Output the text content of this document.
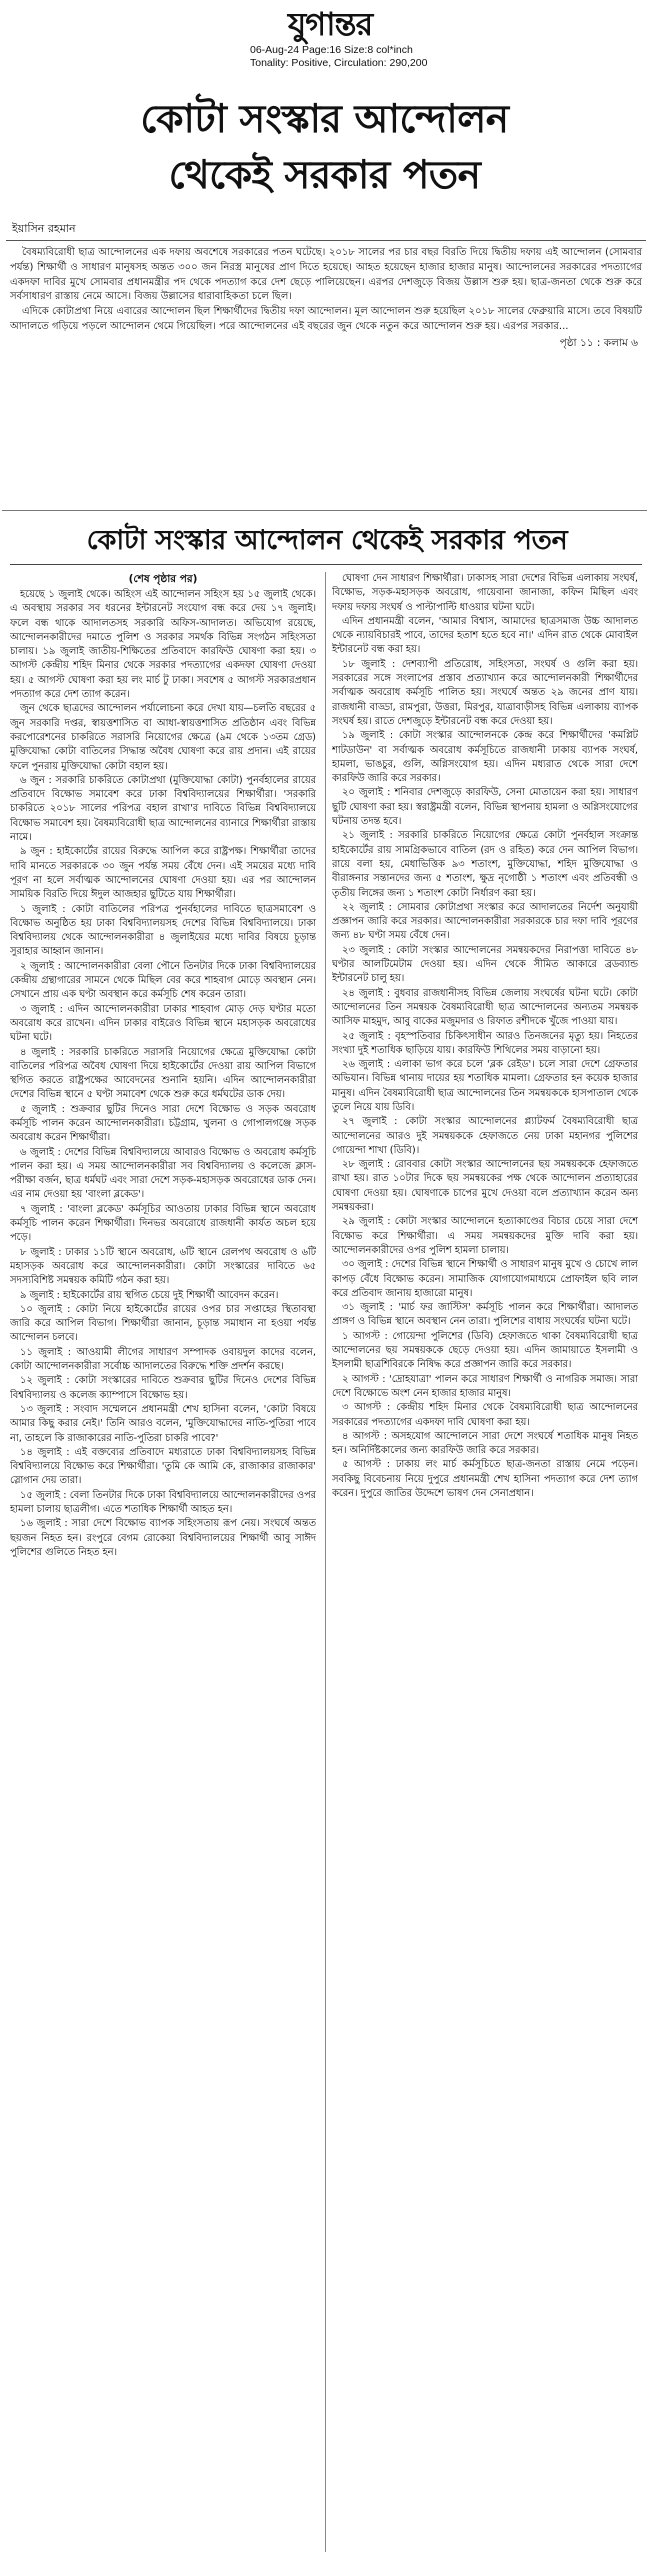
যুগান্তর
06-Aug-24 Page:16 Size:8 col*inch
Tonality: Positive, Circulation: 290,200
কোটা সংস্কার আন্দোলন
থেকেই সরকার পতন
ইয়াসিন রহমান

বৈষম্যবিরোধী ছাত্র আন্দোলনের এক দফায় অবশেষে সরকারের পতন ঘটেছে। ২০১৮ সালের পর চার বছর বিরতি দিয়ে দ্বিতীয় দফায় এই আন্দোলন (সোমবার পর্যন্ত) শিক্ষার্থী ও সাধারণ মানুষসহ অন্তত ৩০০ জন নিরস্ত্র মানুষের প্রাণ দিতে হয়েছে। আহত হয়েছেন হাজার হাজার মানুষ। আন্দোলনের সরকারের পদত্যাগের একদফা দাবির মুখে সোমবার প্রধানমন্ত্রীর পদ থেকে পদত্যাগ করে দেশ ছেড়ে পালিয়েছেন। এরপর দেশজুড়ে বিজয় উল্লাস শুরু হয়। ছাত্র-জনতা থেকে শুরু করে সর্বসাধারণ রাস্তায় নেমে আসে। বিজয় উল্লাসের ধারাবাহিকতা চলে ছিল।

এদিকে কোটাপ্রথা নিয়ে এবারের আন্দোলন ছিল শিক্ষার্থীদের দ্বিতীয় দফা আন্দোলন। মূল আন্দোলন শুরু হয়েছিল ২০১৮ সালের ফেব্রুয়ারি মাসে। তবে বিষয়টি আদালতে গড়িয়ে পড়লে আন্দোলন থেমে গিয়েছিল। পরে আন্দোলনের এই বছরের জুন থেকে নতুন করে আন্দোলন শুরু হয়। এরপর সরকার...

পৃষ্ঠা ১১ : কলাম ৬
কোটা সংস্কার আন্দোলন থেকেই সরকার পতন
(শেষ পৃষ্ঠার পর)

হয়েছে ১ জুলাই থেকে। অহিংস এই আন্দোলন সহিংস হয় ১৫ জুলাই থেকে। এ অবস্থায় সরকার সব ধরনের ইন্টারনেট সংযোগ বন্ধ করে দেয় ১৭ জুলাই। ফলে বন্ধ থাকে আদালতসহ সরকারি অফিস-আদালত। অভিযোগ রয়েছে, আন্দোলনকারীদের দমাতে পুলিশ ও সরকার সমর্থক বিভিন্ন সংগঠন সহিংসতা চালায়। ১৯ জুলাই জাতীয়-শিক্ষিতের প্রতিবাদে কারফিউ ঘোষণা করা হয়। ৩ আগস্ট কেন্দ্রীয় শহিদ মিনার থেকে সরকার পদত্যাগের একদফা ঘোষণা দেওয়া হয়। ৫ আগস্ট ঘোষণা করা হয় লং মার্চ টু ঢাকা। সবশেষ ৫ আগস্ট সরকারপ্রধান পদত্যাগ করে দেশ ত্যাগ করেন।

জুন থেকে ছাত্রদের আন্দোলন পর্যালোচনা করে দেখা যায়—চলতি বছরের ৫ জুন সরকারি দপ্তর, স্বায়ত্তশাসিত বা আধা-স্বায়ত্তশাসিত প্রতিষ্ঠান এবং বিভিন্ন করপোরেশনের চাকরিতে সরাসরি নিয়োগের ক্ষেত্রে (৯ম থেকে ১৩তম গ্রেড) মুক্তিযোদ্ধা কোটা বাতিলের সিদ্ধান্ত অবৈধ ঘোষণা করে রায় প্রদান। এই রায়ের ফলে পুনরায় মুক্তিযোদ্ধা কোটা বহাল হয়।

৬ জুন : সরকারি চাকরিতে কোটাপ্রথা (মুক্তিযোদ্ধা কোটা) পুনর্বহালের রায়ের প্রতিবাদে বিক্ষোভ সমাবেশ করে ঢাকা বিশ্ববিদ্যালয়ের শিক্ষার্থীরা। 'সরকারি চাকরিতে ২০১৮ সালের পরিপত্র বহাল রাখা'র দাবিতে বিভিন্ন বিশ্ববিদ্যালয়ে বিক্ষোভ সমাবেশ হয়। বৈষম্যবিরোধী ছাত্র আন্দোলনের ব্যানারে শিক্ষার্থীরা রাস্তায় নামে।

৯ জুন : হাইকোর্টের রায়ের বিরুদ্ধে আপিল করে রাষ্ট্রপক্ষ। শিক্ষার্থীরা তাদের দাবি মানতে সরকারকে ৩০ জুন পর্যন্ত সময় বেঁধে দেন। এই সময়ের মধ্যে দাবি পূরণ না হলে সর্বাত্মক আন্দোলনের ঘোষণা দেওয়া হয়। এর পর আন্দোলন সাময়িক বিরতি দিয়ে ঈদুল আজহার ছুটিতে যায় শিক্ষার্থীরা।

১ জুলাই : কোটা বাতিলের পরিপত্র পুনর্বহালের দাবিতে ছাত্রসমাবেশ ও বিক্ষোভ অনুষ্ঠিত হয় ঢাকা বিশ্ববিদ্যালয়সহ দেশের বিভিন্ন বিশ্ববিদ্যালয়ে। ঢাকা বিশ্ববিদ্যালয় থেকে আন্দোলনকারীরা ৪ জুলাইয়ের মধ্যে দাবির বিষয়ে চূড়ান্ত সুরাহার আহ্বান জানান।

২ জুলাই : আন্দোলনকারীরা বেলা পৌনে তিনটার দিকে ঢাকা বিশ্ববিদ্যালয়ের কেন্দ্রীয় গ্রন্থাগারের সামনে থেকে মিছিল বের করে শাহবাগ মোড়ে অবস্থান নেন। সেখানে প্রায় এক ঘণ্টা অবস্থান করে কর্মসূচি শেষ করেন তারা।

৩ জুলাই : এদিন আন্দোলনকারীরা ঢাকার শাহবাগ মোড় দেড় ঘণ্টার মতো অবরোধ করে রাখেন। এদিন ঢাকার বাইরেও বিভিন্ন স্থানে মহাসড়ক অবরোধের ঘটনা ঘটে।

৪ জুলাই : সরকারি চাকরিতে সরাসরি নিয়োগের ক্ষেত্রে মুক্তিযোদ্ধা কোটা বাতিলের পরিপত্র অবৈধ ঘোষণা দিয়ে হাইকোর্টের দেওয়া রায় আপিল বিভাগে স্থগিত করতে রাষ্ট্রপক্ষের আবেদনের শুনানি হয়নি। এদিন আন্দোলনকারীরা দেশের বিভিন্ন স্থানে ৫ ঘণ্টা সমাবেশ থেকে শুরু করে ধর্মঘটের ডাক দেয়।

৫ জুলাই : শুক্রবার ছুটির দিনেও সারা দেশে বিক্ষোভ ও সড়ক অবরোধ কর্মসূচি পালন করেন আন্দোলনকারীরা। চট্টগ্রাম, খুলনা ও গোপালগঞ্জে সড়ক অবরোধ করেন শিক্ষার্থীরা।

৬ জুলাই : দেশের বিভিন্ন বিশ্ববিদ্যালয়ে আবারও বিক্ষোভ ও অবরোধ কর্মসূচি পালন করা হয়। এ সময় আন্দোলনকারীরা সব বিশ্ববিদ্যালয় ও কলেজে ক্লাস-পরীক্ষা বর্জন, ছাত্র ধর্মঘট এবং সারা দেশে সড়ক-মহাসড়ক অবরোধের ডাক দেন। এর নাম দেওয়া হয় 'বাংলা ব্লকেড'।

৭ জুলাই : 'বাংলা ব্লকেড' কর্মসূচির আওতায় ঢাকার বিভিন্ন স্থানে অবরোধ কর্মসূচি পালন করেন শিক্ষার্থীরা। দিনভর অবরোধে রাজধানী কার্যত অচল হয়ে পড়ে।

৮ জুলাই : ঢাকার ১১টি স্থানে অবরোধ, ৬টি স্থানে রেলপথ অবরোধ ও ৬টি মহাসড়ক অবরোধ করে আন্দোলনকারীরা। কোটা সংস্কারের দাবিতে ৬৫ সদস্যবিশিষ্ট সমন্বয়ক কমিটি গঠন করা হয়।

৯ জুলাই : হাইকোর্টের রায় স্থগিত চেয়ে দুই শিক্ষার্থী আবেদন করেন।

১০ জুলাই : কোটা নিয়ে হাইকোর্টের রায়ের ওপর চার সপ্তাহের স্থিতাবস্থা জারি করে আপিল বিভাগ। শিক্ষার্থীরা জানান, চূড়ান্ত সমাধান না হওয়া পর্যন্ত আন্দোলন চলবে।

১১ জুলাই : আওয়ামী লীগের সাধারণ সম্পাদক ওবায়দুল কাদের বলেন, কোটা আন্দোলনকারীরা সর্বোচ্চ আদালতের বিরুদ্ধে শক্তি প্রদর্শন করছে।

১২ জুলাই : কোটা সংস্কারের দাবিতে শুক্রবার ছুটির দিনেও দেশের বিভিন্ন বিশ্ববিদ্যালয় ও কলেজ ক্যাম্পাসে বিক্ষোভ হয়।

১৩ জুলাই : সংবাদ সম্মেলনে প্রধানমন্ত্রী শেখ হাসিনা বলেন, 'কোটা বিষয়ে আমার কিছু করার নেই।' তিনি আরও বলেন, 'মুক্তিযোদ্ধাদের নাতি-পুতিরা পাবে না, তাহলে কি রাজাকারের নাতি-পুতিরা চাকরি পাবে?'

১৪ জুলাই : এই বক্তব্যের প্রতিবাদে মধ্যরাতে ঢাকা বিশ্ববিদ্যালয়সহ বিভিন্ন বিশ্ববিদ্যালয়ে বিক্ষোভ করে শিক্ষার্থীরা। 'তুমি কে আমি কে, রাজাকার রাজাকার' স্লোগান দেয় তারা।

১৫ জুলাই : বেলা তিনটার দিকে ঢাকা বিশ্ববিদ্যালয়ে আন্দোলনকারীদের ওপর হামলা চালায় ছাত্রলীগ। এতে শতাধিক শিক্ষার্থী আহত হন।

১৬ জুলাই : সারা দেশে বিক্ষোভ ব্যাপক সহিংসতায় রূপ নেয়। সংঘর্ষে অন্তত ছয়জন নিহত হন। রংপুরে বেগম রোকেয়া বিশ্ববিদ্যালয়ের শিক্ষার্থী আবু সাঈদ পুলিশের গুলিতে নিহত হন।

ঘোষণা দেন সাধারণ শিক্ষার্থীরা। ঢাকাসহ সারা দেশের বিভিন্ন এলাকায় সংঘর্ষ, বিক্ষোভ, সড়ক-মহাসড়ক অবরোধ, গায়েবানা জানাজা, কফিন মিছিল এবং দফায় দফায় সংঘর্ষ ও পাল্টাপাল্টি ধাওয়ার ঘটনা ঘটে।

এদিন প্রধানমন্ত্রী বলেন, 'আমার বিশ্বাস, আমাদের ছাত্রসমাজ উচ্চ আদালত থেকে ন্যায়বিচারই পাবে, তাদের হতাশ হতে হবে না।' এদিন রাত থেকে মোবাইল ইন্টারনেট বন্ধ করা হয়।

১৮ জুলাই : দেশব্যাপী প্রতিরোধ, সহিংসতা, সংঘর্ষ ও গুলি করা হয়। সরকারের সঙ্গে সংলাপের প্রস্তাব প্রত্যাখ্যান করে আন্দোলনকারী শিক্ষার্থীদের সর্বাত্মক অবরোধ কর্মসূচি পালিত হয়। সংঘর্ষে অন্তত ২৯ জনের প্রাণ যায়। রাজধানী বাড্ডা, রামপুরা, উত্তরা, মিরপুর, যাত্রাবাড়ীসহ বিভিন্ন এলাকায় ব্যাপক সংঘর্ষ হয়। রাতে দেশজুড়ে ইন্টারনেট বন্ধ করে দেওয়া হয়।

১৯ জুলাই : কোটা সংস্কার আন্দোলনকে কেন্দ্র করে শিক্ষার্থীদের 'কমপ্লিট শাটডাউন' বা সর্বাত্মক অবরোধ কর্মসূচিতে রাজধানী ঢাকায় ব্যাপক সংঘর্ষ, হামলা, ভাঙচুর, গুলি, অগ্নিসংযোগ হয়। এদিন মধ্যরাত থেকে সারা দেশে কারফিউ জারি করে সরকার।

২০ জুলাই : শনিবার দেশজুড়ে কারফিউ, সেনা মোতায়েন করা হয়। সাধারণ ছুটি ঘোষণা করা হয়। স্বরাষ্ট্রমন্ত্রী বলেন, বিভিন্ন স্থাপনায় হামলা ও অগ্নিসংযোগের ঘটনায় তদন্ত হবে।

২১ জুলাই : সরকারি চাকরিতে নিয়োগের ক্ষেত্রে কোটা পুনর্বহাল সংক্রান্ত হাইকোর্টের রায় সামগ্রিকভাবে বাতিল (রদ ও রহিত) করে দেন আপিল বিভাগ। রায়ে বলা হয়, মেধাভিত্তিক ৯৩ শতাংশ, মুক্তিযোদ্ধা, শহিদ মুক্তিযোদ্ধা ও বীরাঙ্গনার সন্তানদের জন্য ৫ শতাংশ, ক্ষুদ্র নৃগোষ্ঠী ১ শতাংশ এবং প্রতিবন্ধী ও তৃতীয় লিঙ্গের জন্য ১ শতাংশ কোটা নির্ধারণ করা হয়।

২২ জুলাই : সোমবার কোটাপ্রথা সংস্কার করে আদালতের নির্দেশ অনুযায়ী প্রজ্ঞাপন জারি করে সরকার। আন্দোলনকারীরা সরকারকে চার দফা দাবি পূরণের জন্য ৪৮ ঘণ্টা সময় বেঁধে দেন।

২৩ জুলাই : কোটা সংস্কার আন্দোলনের সমন্বয়কদের নিরাপত্তা দাবিতে ৪৮ ঘণ্টার আলটিমেটাম দেওয়া হয়। এদিন থেকে সীমিত আকারে ব্রডব্যান্ড ইন্টারনেট চালু হয়।

২৪ জুলাই : বুধবার রাজধানীসহ বিভিন্ন জেলায় সংঘর্ষের ঘটনা ঘটে। কোটা আন্দোলনের তিন সমন্বয়ক বৈষম্যবিরোধী ছাত্র আন্দোলনের অন্যতম সমন্বয়ক আসিফ মাহমুদ, আবু বাকের মজুমদার ও রিফাত রশীদকে খুঁজে পাওয়া যায়।

২৫ জুলাই : বৃহস্পতিবার চিকিৎসাধীন আরও তিনজনের মৃত্যু হয়। নিহতের সংখ্যা দুই শতাধিক ছাড়িয়ে যায়। কারফিউ শিথিলের সময় বাড়ানো হয়।

২৬ জুলাই : এলাকা ভাগ করে চলে 'ব্লক রেইড'। চলে সারা দেশে গ্রেফতার অভিযান। বিভিন্ন থানায় দায়ের হয় শতাধিক মামলা। গ্রেফতার হন কয়েক হাজার মানুষ। এদিন বৈষম্যবিরোধী ছাত্র আন্দোলনের তিন সমন্বয়ককে হাসপাতাল থেকে তুলে নিয়ে যায় ডিবি।

২৭ জুলাই : কোটা সংস্কার আন্দোলনের প্ল্যাটফর্ম বৈষম্যবিরোধী ছাত্র আন্দোলনের আরও দুই সমন্বয়ককে হেফাজতে নেয় ঢাকা মহানগর পুলিশের গোয়েন্দা শাখা (ডিবি)।

২৮ জুলাই : রোববার কোটা সংস্কার আন্দোলনের ছয় সমন্বয়ককে হেফাজতে রাখা হয়। রাত ১০টার দিকে ছয় সমন্বয়কের পক্ষ থেকে আন্দোলন প্রত্যাহারের ঘোষণা দেওয়া হয়। ঘোষণাকে চাপের মুখে দেওয়া বলে প্রত্যাখ্যান করেন অন্য সমন্বয়করা।

২৯ জুলাই : কোটা সংস্কার আন্দোলনে হত্যাকাণ্ডের বিচার চেয়ে সারা দেশে বিক্ষোভ করে শিক্ষার্থীরা। এ সময় সমন্বয়কদের মুক্তি দাবি করা হয়। আন্দোলনকারীদের ওপর পুলিশ হামলা চালায়।

৩০ জুলাই : দেশের বিভিন্ন স্থানে শিক্ষার্থী ও সাধারণ মানুষ মুখে ও চোখে লাল কাপড় বেঁধে বিক্ষোভ করেন। সামাজিক যোগাযোগমাধ্যমে প্রোফাইল ছবি লাল করে প্রতিবাদ জানায় হাজারো মানুষ।

৩১ জুলাই : 'মার্চ ফর জাস্টিস' কর্মসূচি পালন করে শিক্ষার্থীরা। আদালত প্রাঙ্গণ ও বিভিন্ন স্থানে অবস্থান নেন তারা। পুলিশের বাধায় সংঘর্ষের ঘটনা ঘটে।

১ আগস্ট : গোয়েন্দা পুলিশের (ডিবি) হেফাজতে থাকা বৈষম্যবিরোধী ছাত্র আন্দোলনের ছয় সমন্বয়ককে ছেড়ে দেওয়া হয়। এদিন জামায়াতে ইসলামী ও ইসলামী ছাত্রশিবিরকে নিষিদ্ধ করে প্রজ্ঞাপন জারি করে সরকার।

২ আগস্ট : 'দ্রোহযাত্রা' পালন করে সাধারণ শিক্ষার্থী ও নাগরিক সমাজ। সারা দেশে বিক্ষোভে অংশ নেন হাজার হাজার মানুষ।

৩ আগস্ট : কেন্দ্রীয় শহিদ মিনার থেকে বৈষম্যবিরোধী ছাত্র আন্দোলনের সরকারের পদত্যাগের একদফা দাবি ঘোষণা করা হয়।

৪ আগস্ট : অসহযোগ আন্দোলনে সারা দেশে সংঘর্ষে শতাধিক মানুষ নিহত হন। অনির্দিষ্টকালের জন্য কারফিউ জারি করে সরকার।

৫ আগস্ট : ঢাকায় লং মার্চ কর্মসূচিতে ছাত্র-জনতা রাস্তায় নেমে পড়েন। সবকিছু বিবেচনায় নিয়ে দুপুরে প্রধানমন্ত্রী শেখ হাসিনা পদত্যাগ করে দেশ ত্যাগ করেন। দুপুরে জাতির উদ্দেশে ভাষণ দেন সেনাপ্রধান।
